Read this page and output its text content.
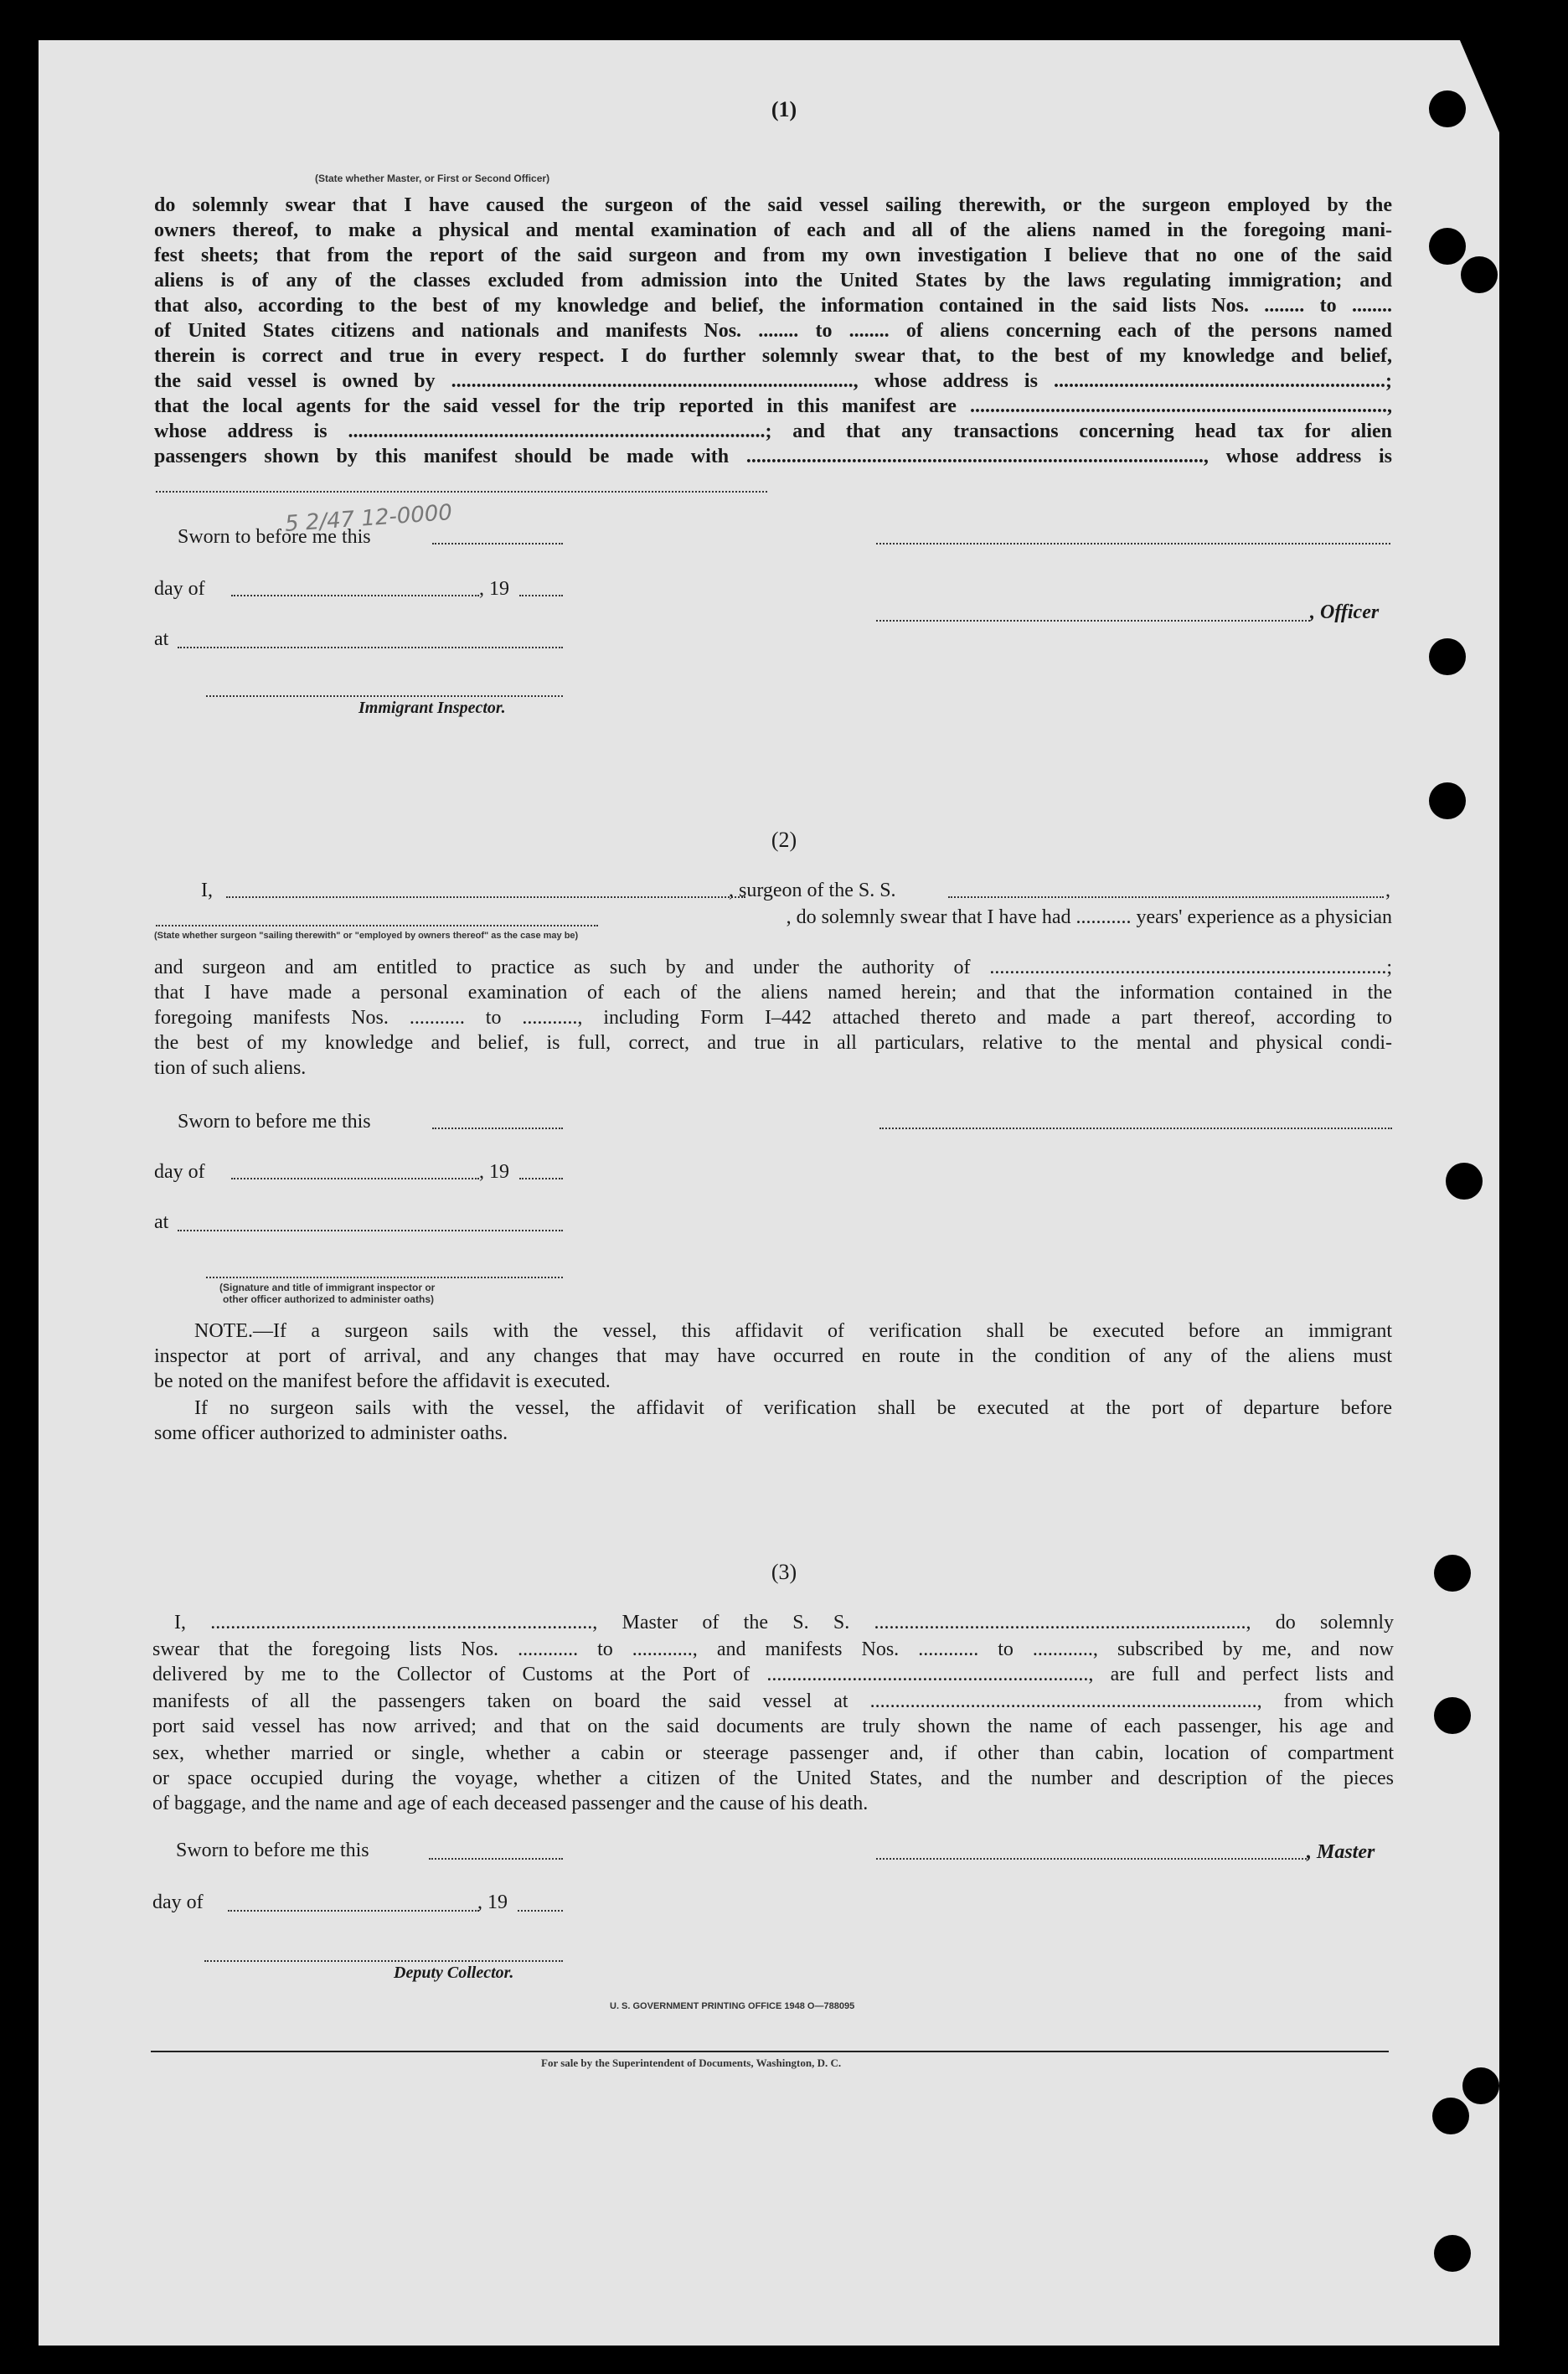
(1)
(State whether Master, or First or Second Officer)
do solemnly swear that I have caused the surgeon of the said vessel sailing therewith, or the surgeon employed by the
owners thereof, to make a physical and mental examination of each and all of the aliens named in the foregoing mani-
fest sheets; that from the report of the said surgeon and from my own investigation I believe that no one of the said
aliens is of any of the classes excluded from admission into the United States by the laws regulating immigration; and
that also, according to the best of my knowledge and belief, the information contained in the said lists Nos. ........ to ........
of United States citizens and nationals and manifests Nos. ........ to ........ of aliens concerning each of the persons named
therein is correct and true in every respect. I do further solemnly swear that, to the best of my knowledge and belief,
the said vessel is owned by ................................................................................, whose address is ..................................................................;
that the local agents for the said vessel for the trip reported in this manifest are ...................................................................................,
whose address is ...................................................................................; and that any transactions concerning head tax for alien
passengers shown by this manifest should be made with ..........................................................................................., whose address is
5 2/47 12-0000
Sworn to before me this
day of	, 19
, Officer
at
Immigrant Inspector.
(2)
I,	, surgeon of the S. S.	,
, do solemnly swear that I have had ........... years' experience as a physician
(State whether surgeon "sailing therewith" or "employed by owners thereof" as the case may be)
and surgeon and am entitled to practice as such by and under the authority of ...............................................................................;
that I have made a personal examination of each of the aliens named herein; and that the information contained in the
foregoing manifests Nos. ........... to ..........., including Form I–442 attached thereto and made a part thereof, according to
the best of my knowledge and belief, is full, correct, and true in all particulars, relative to the mental and physical condi-
tion of such aliens.
Sworn to before me this
day of	, 19
at
(Signature and title of immigrant inspector or
other officer authorized to administer oaths)
NOTE.—If a surgeon sails with the vessel, this affidavit of verification shall be executed before an immigrant
inspector at port of arrival, and any changes that may have occurred en route in the condition of any of the aliens must
be noted on the manifest before the affidavit is executed.
If no surgeon sails with the vessel, the affidavit of verification shall be executed at the port of departure before
some officer authorized to administer oaths.
(3)
I, ............................................................................, Master of the S. S. .........................................................................., do solemnly
swear that the foregoing lists Nos. ............ to ............, and manifests Nos. ............ to ............, subscribed by me, and now
delivered by me to the Collector of Customs at the Port of ................................................................, are full and perfect lists and
manifests of all the passengers taken on board the said vessel at ............................................................................., from which
port said vessel has now arrived; and that on the said documents are truly shown the name of each passenger, his age and
sex, whether married or single, whether a cabin or steerage passenger and, if other than cabin, location of compartment
or space occupied during the voyage, whether a citizen of the United States, and the number and description of the pieces
of baggage, and the name and age of each deceased passenger and the cause of his death.
Sworn to before me this	, Master
day of	, 19
Deputy Collector.
U. S. GOVERNMENT PRINTING OFFICE 1948 O—788095
For sale by the Superintendent of Documents, Washington, D. C.
